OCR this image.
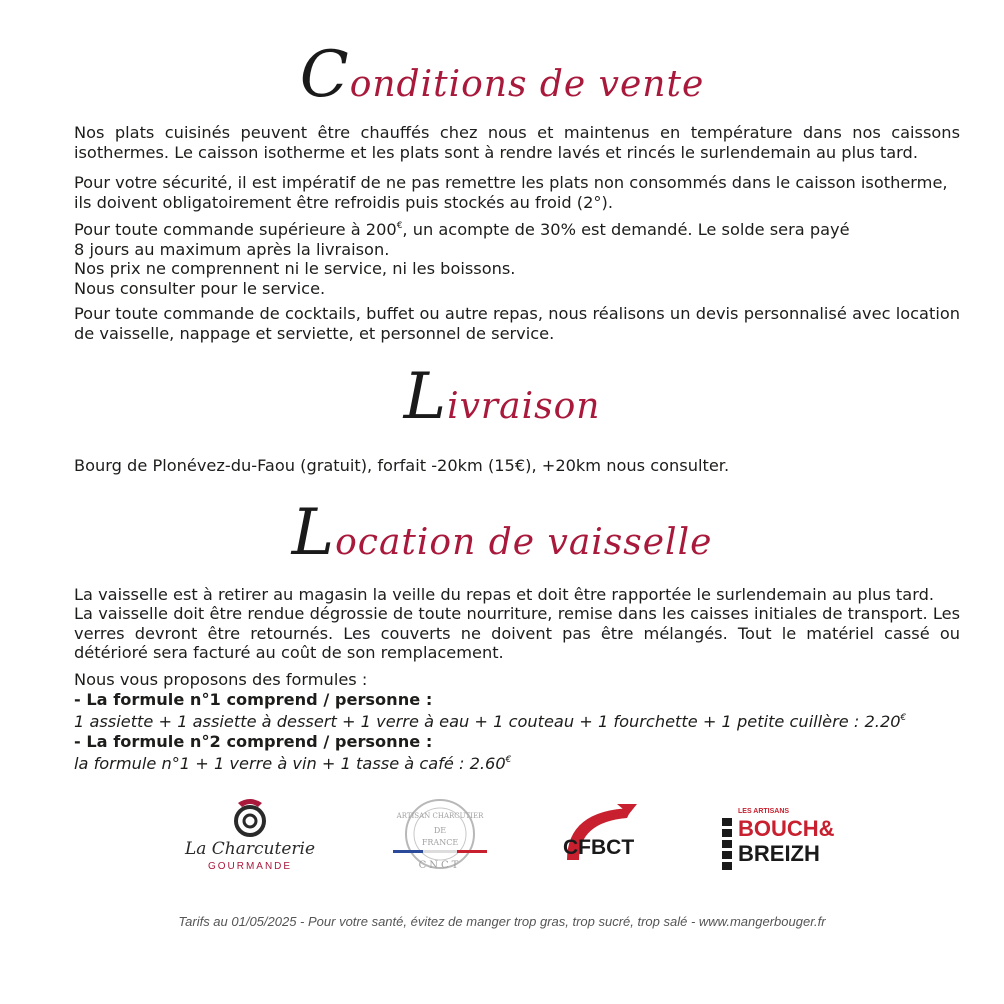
Conditions de vente

Nos plats cuisinés peuvent être chauffés chez nous et maintenus en température dans nos caissons isothermes. Le caisson isotherme et les plats sont à rendre lavés et rincés le surlendemain au plus tard.

Pour votre sécurité, il est impératif de ne pas remettre les plats non consommés dans le caisson isotherme, ils doivent obligatoirement être refroidis puis stockés au froid (2°).

Pour toute commande supérieure à 200€, un acompte de 30% est demandé. Le solde sera payé
8 jours au maximum après la livraison.
Nos prix ne comprennent ni le service, ni les boissons.
Nous consulter pour le service.

Pour toute commande de cocktails, buffet ou autre repas, nous réalisons un devis personnalisé avec location de vaisselle, nappage et serviette, et personnel de service.

Livraison

Bourg de Plonévez-du-Faou (gratuit), forfait -20km (15€), +20km nous consulter.

Location de vaisselle

La vaisselle est à retirer au magasin la veille du repas et doit être rapportée le surlendemain au plus tard.

La vaisselle doit être rendue dégrossie de toute nourriture, remise dans les caisses initiales de transport. Les verres devront être retournés. Les couverts ne doivent pas être mélangés. Tout le matériel cassé ou détérioré sera facturé au coût de son remplacement.

Nous vous proposons des formules :
- La formule n°1 comprend / personne :
1 assiette + 1 assiette à dessert + 1 verre à eau + 1 couteau + 1 fourchette + 1 petite cuillère : 2.20€
- La formule n°2 comprend / personne :
la formule n°1 + 1 verre à vin + 1 tasse à café : 2.60€
La Charcuterie
GOURMANDE
ARTISAN CHARCUTIER
DE
FRANCE
CNCT
CFBCT
LES ARTISANS
BOUCH&
BREIZH
Tarifs au 01/05/2025 - Pour votre santé, évitez de manger trop gras, trop sucré, trop salé - www.mangerbouger.fr
